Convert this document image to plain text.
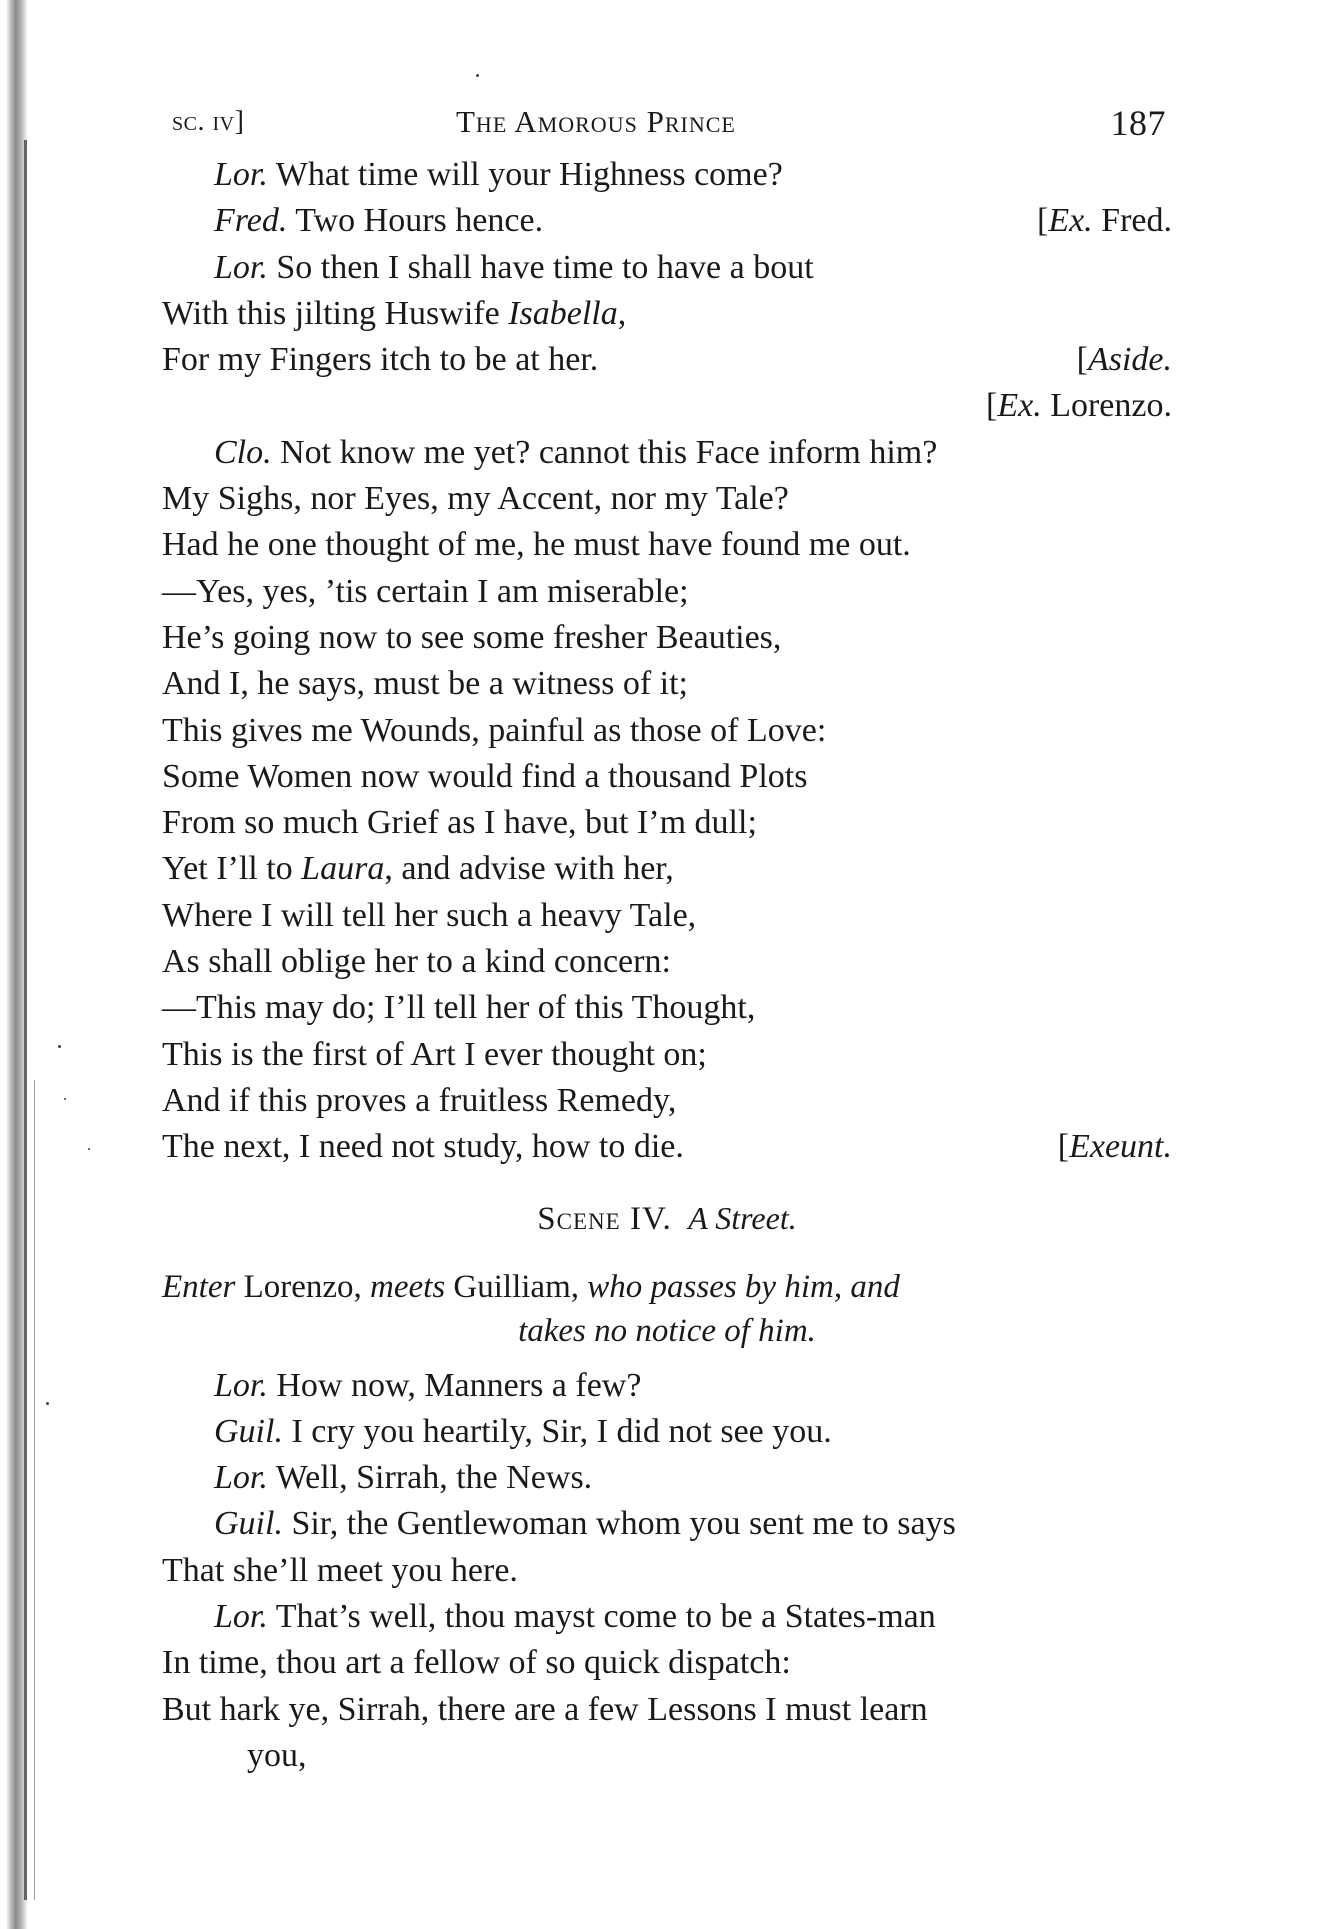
sc. iv]	The Amorous Prince	187
Lor. What time will your Highness come?
Fred. Two Hours hence.	[Ex. Fred.
Lor. So then I shall have time to have a bout
With this jilting Huswife Isabella,
For my Fingers itch to be at her.	[Aside.
[Ex. Lorenzo.
Clo. Not know me yet? cannot this Face inform him?
My Sighs, nor Eyes, my Accent, nor my Tale?
Had he one thought of me, he must have found me out.
—Yes, yes, ’tis certain I am miserable;
He’s going now to see some fresher Beauties,
And I, he says, must be a witness of it;
This gives me Wounds, painful as those of Love:
Some Women now would find a thousand Plots
From so much Grief as I have, but I’m dull;
Yet I’ll to Laura, and advise with her,
Where I will tell her such a heavy Tale,
As shall oblige her to a kind concern:
—This may do; I’ll tell her of this Thought,
This is the first of Art I ever thought on;
And if this proves a fruitless Remedy,
The next, I need not study, how to die.	[Exeunt.
Scene IV. A Street.
Enter Lorenzo, meets Guilliam, who passes by him, and
takes no notice of him.
Lor. How now, Manners a few?
Guil. I cry you heartily, Sir, I did not see you.
Lor. Well, Sirrah, the News.
Guil. Sir, the Gentlewoman whom you sent me to says
That she’ll meet you here.
Lor. That’s well, thou mayst come to be a States-man
In time, thou art a fellow of so quick dispatch:
But hark ye, Sirrah, there are a few Lessons I must learn
you,
